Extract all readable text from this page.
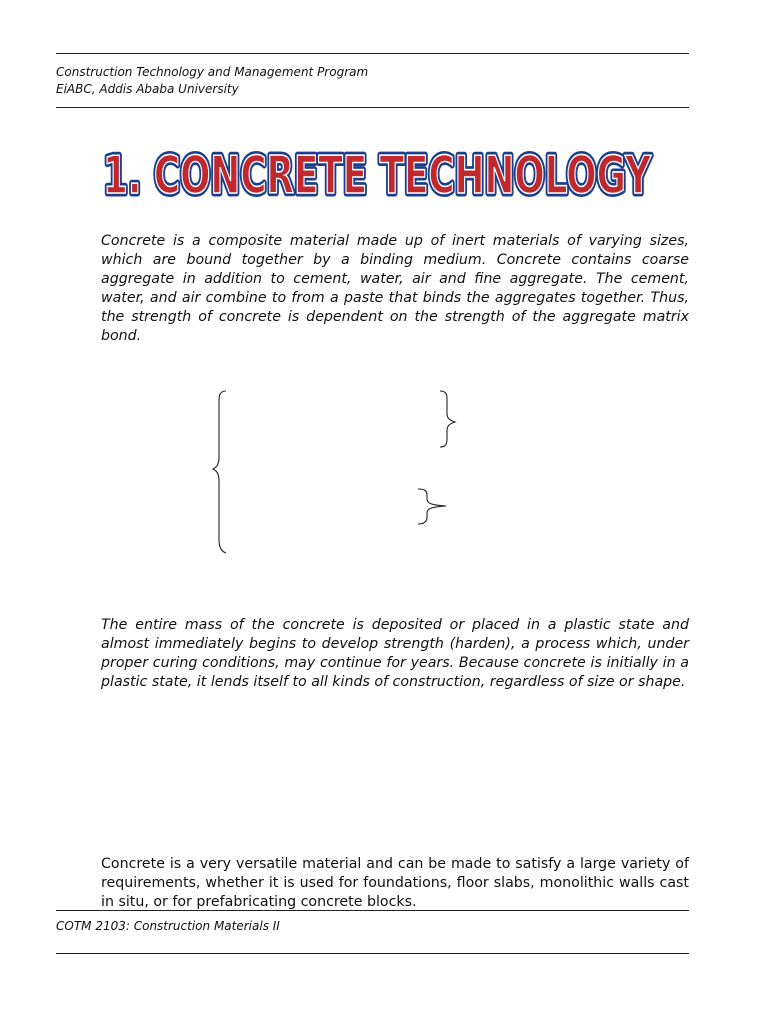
Construction Technology and Management Program
EiABC, Addis Ababa University
1. CONCRETE TECHNOLOGY
1. CONCRETE TECHNOLOGY

Concrete is a composite material made up of inert materials of varying sizes, which are bound together by a binding medium. Concrete contains coarse aggregate in addition to cement, water, air and fine aggregate. The cement, water, and air combine to from a paste that binds the aggregates together. Thus, the strength of concrete is dependent on the strength of the aggregate matrix bond.

The entire mass of the concrete is deposited or placed in a plastic state and almost immediately begins to develop strength (harden), a process which, under proper curing conditions, may continue for years. Because concrete is initially in a plastic state, it lends itself to all kinds of construction, regardless of size or shape.

Concrete is a very versatile material and can be made to satisfy a large variety of requirements, whether it is used for foundations, floor slabs, monolithic walls cast in situ, or for prefabricating concrete blocks.

COTM 2103: Construction Materials II
